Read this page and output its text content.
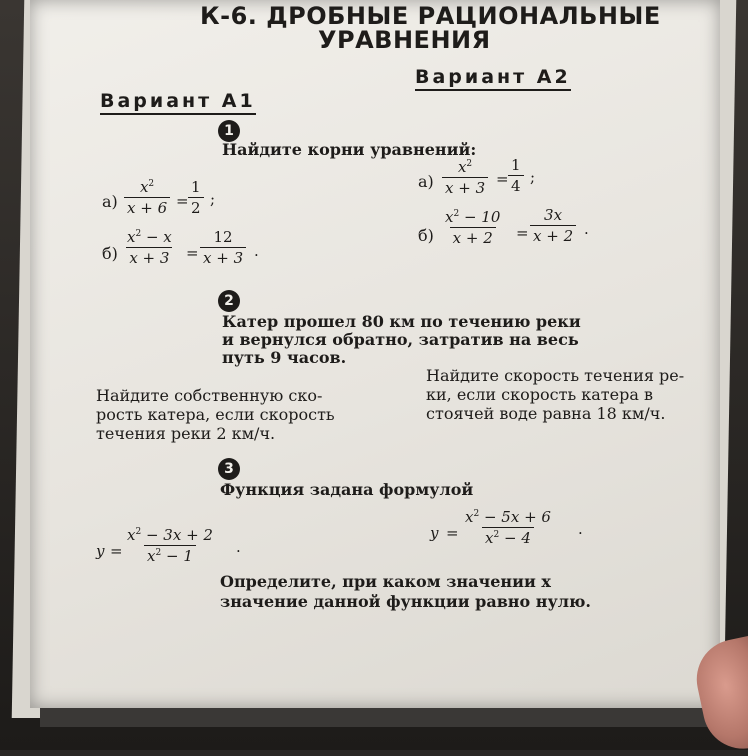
К-6. ДРОБНЫЕ РАЦИОНАЛЬНЫЕ
УРАВНЕНИЯ
Вариант А1
Вариант А2
1
Найдите корни уравнений:
$а) \frac{x^2}{x + 6} = \frac{1}{2}$ ;
$б) \frac{x^2 - x}{x + 3} = \frac{12}{x + 3}$ .
$а) \frac{x^2}{x + 3} = \frac{1}{4}$ ;
$б) \frac{x^2 - 10}{x + 2} = \frac{3x}{x + 2}$ .
2
Катер прошел 80 км по течению реки
и вернулся обратно, затратив на весь
путь 9 часов.
Найдите собственную ско-
рость катера, если скорость
течения реки 2 км/ч.
Найдите скорость течения ре-
ки, если скорость катера в
стоячей воде равна 18 км/ч.
3
Функция задана формулой
$y = \frac{x^2 - 3x + 2}{x^2 - 1}$ .
$y = \frac{x^2 - 5x + 6}{x^2 - 4}$ .
Определите, при каком значении x
значение данной функции равно нулю.
